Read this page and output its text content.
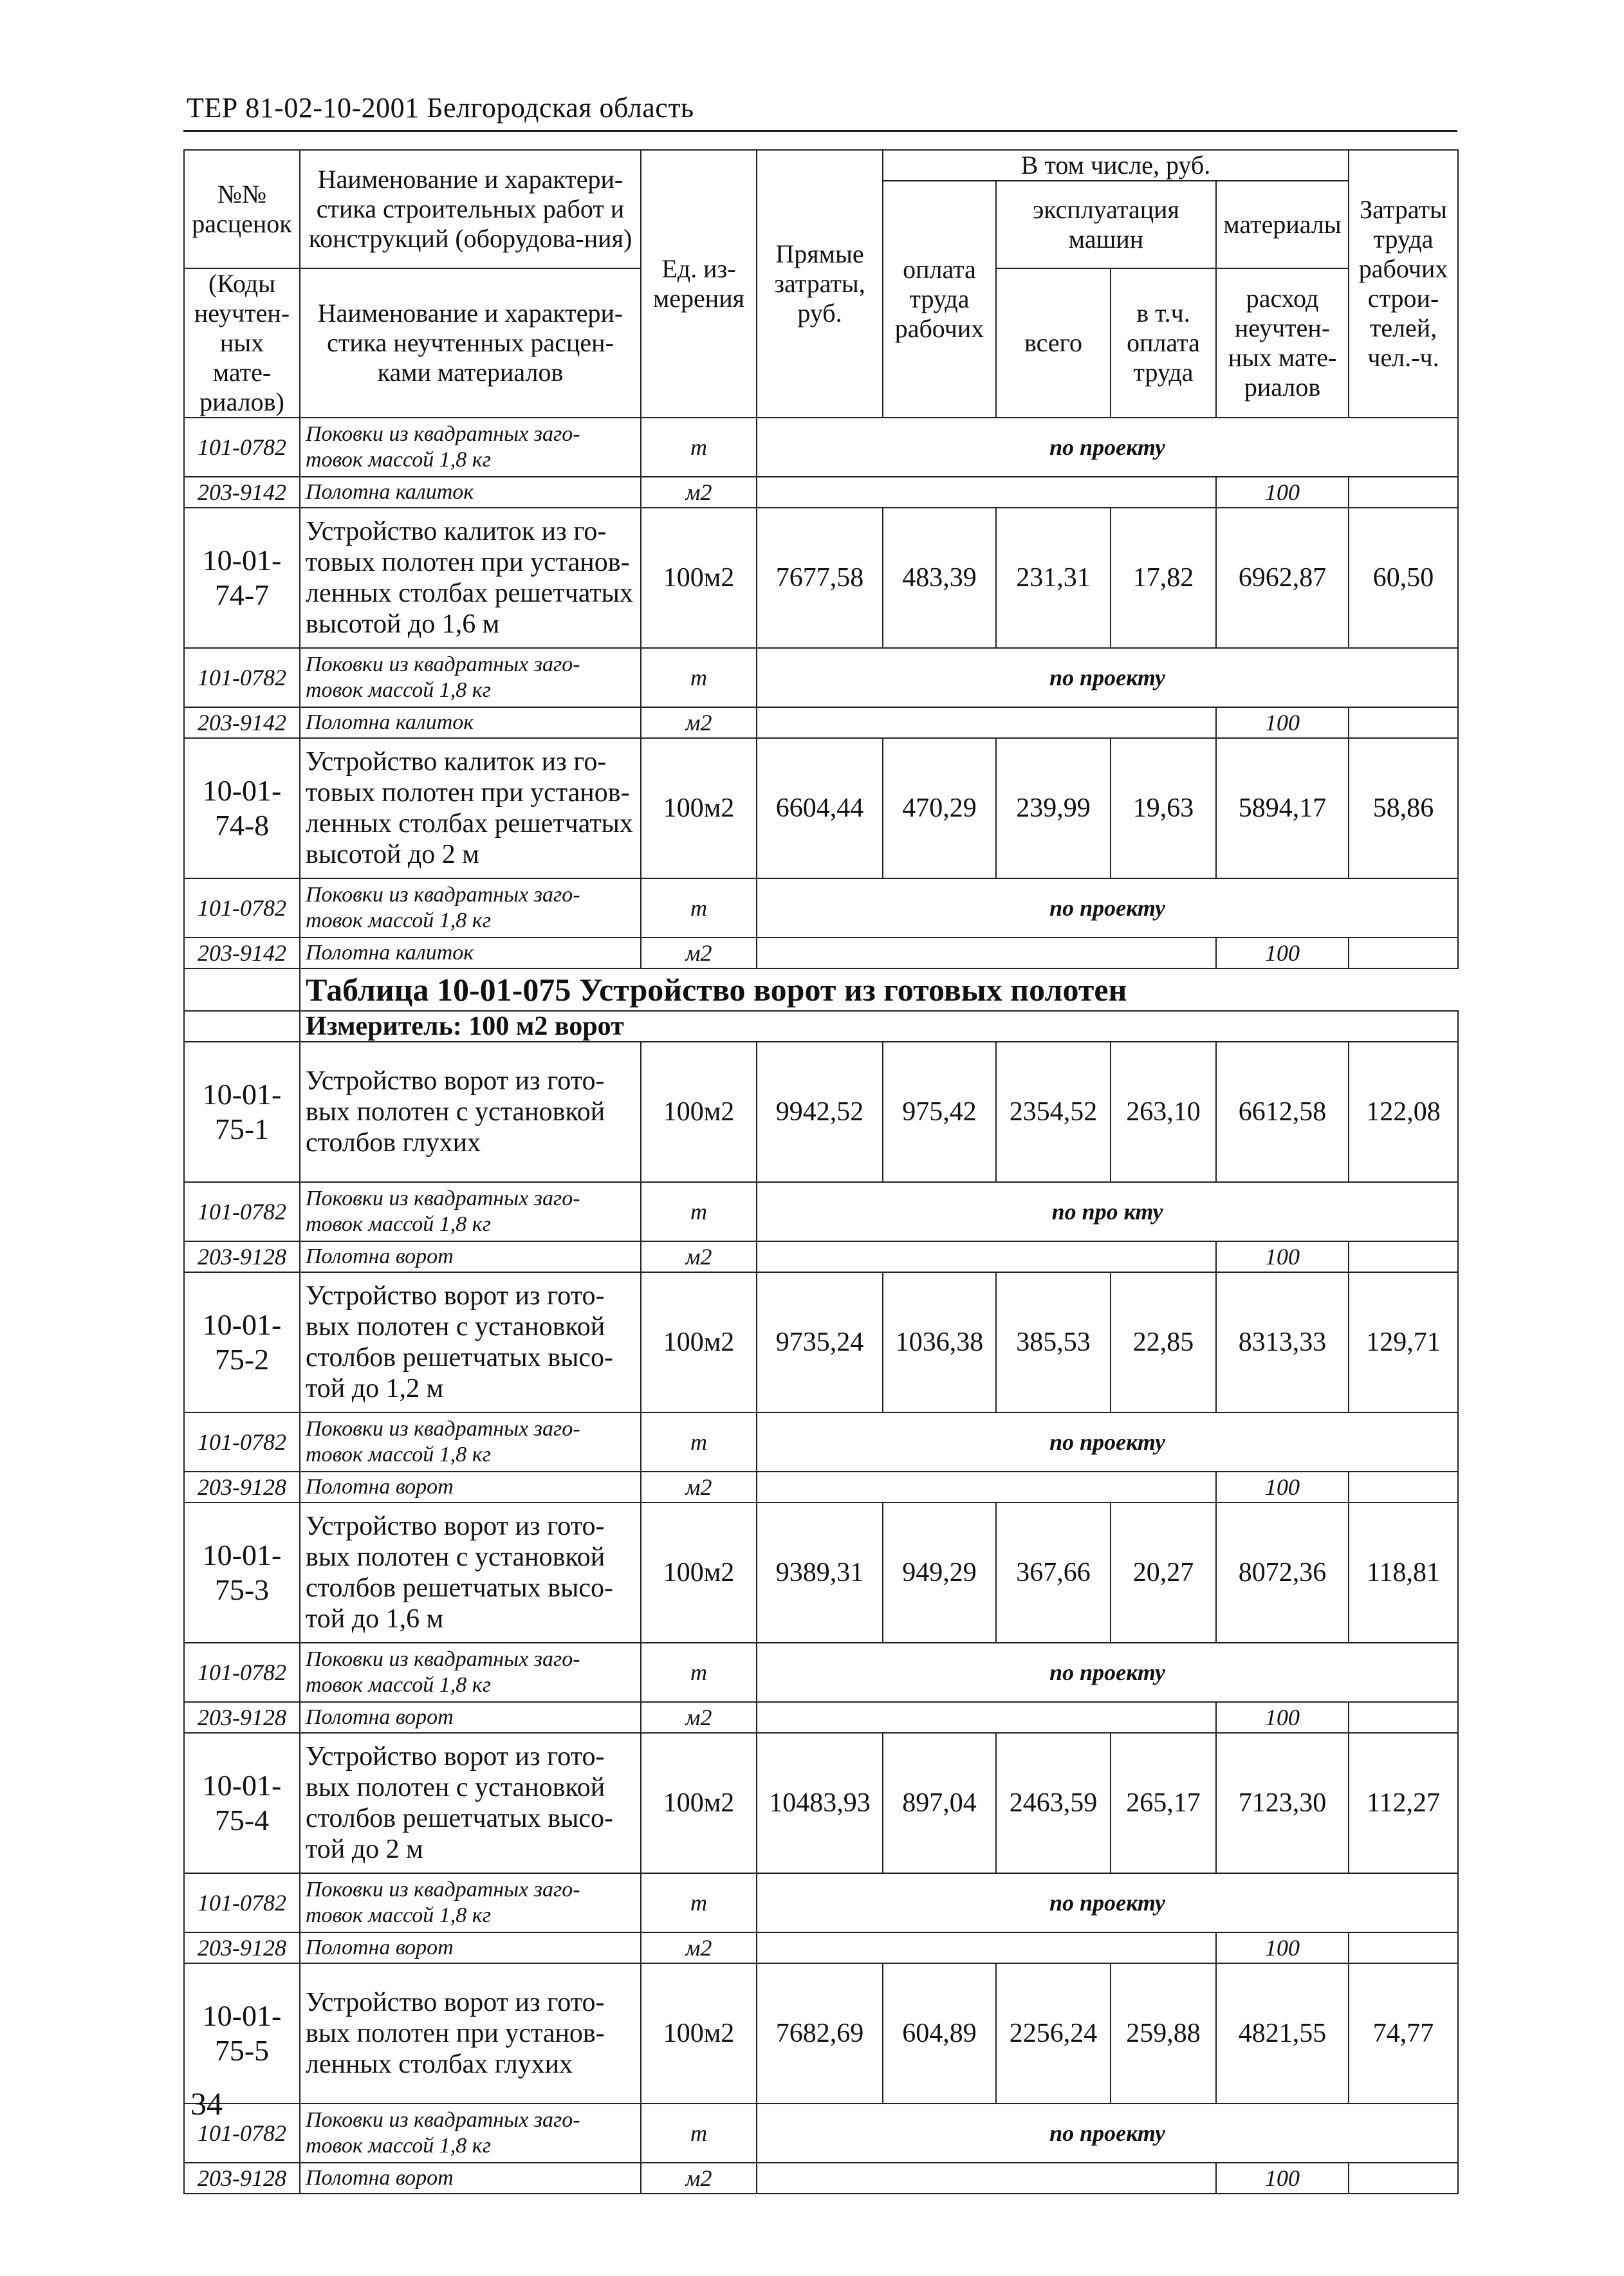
ТЕР 81-02-10-2001 Белгородская область
№№ расценок	Наименование и характери-стика строительных работ и конструкций (оборудова-ния)	Ед. из-мерения	Прямые затраты, руб.	В том числе, руб.				Затраты труда рабочих строи-телей, чел.-ч.
				оплата труда рабочих	эксплуатация машин		материалы	
(Коды неучтен-ных мате-риалов)	Наименование и характери-стика неучтенных расцен-ками материалов				всего	в т.ч. оплата труда	расход неучтен-ных мате-риалов	

101-0782	Поковки из квадратных заго-товок массой 1,8 кг	т	по проекту					
203-9142	Полотна калиток	м2					100	
10-01-74-7	Устройство калиток из го-товых полотен при установ-ленных столбах решетчатых высотой до 1,6 м	100м2	7677,58	483,39	231,31	17,82	6962,87	60,50
101-0782	Поковки из квадратных заго-товок массой 1,8 кг	т	по проекту					
203-9142	Полотна калиток	м2					100	
10-01-74-8	Устройство калиток из го-товых полотен при установ-ленных столбах решетчатых высотой до 2 м	100м2	6604,44	470,29	239,99	19,63	5894,17	58,86
101-0782	Поковки из квадратных заго-товок массой 1,8 кг	т	по проекту					
203-9142	Полотна калиток	м2					100	
	Таблица 10-01-075 Устройство ворот из готовых полотен							
	Измеритель: 100 м2 ворот							
10-01-75-1	Устройство ворот из гото-вых полотен с установкой столбов глухих	100м2	9942,52	975,42	2354,52	263,10	6612,58	122,08
101-0782	Поковки из квадратных заго-товок массой 1,8 кг	т	по про кту					
203-9128	Полотна ворот	м2					100	
10-01-75-2	Устройство ворот из гото-вых полотен с установкой столбов решетчатых высо-той до 1,2 м	100м2	9735,24	1036,38	385,53	22,85	8313,33	129,71
101-0782	Поковки из квадратных заго-товок массой 1,8 кг	т	по проекту					
203-9128	Полотна ворот	м2					100	
10-01-75-3	Устройство ворот из гото-вых полотен с установкой столбов решетчатых высо-той до 1,6 м	100м2	9389,31	949,29	367,66	20,27	8072,36	118,81
101-0782	Поковки из квадратных заго-товок массой 1,8 кг	т	по проекту					
203-9128	Полотна ворот	м2					100	
10-01-75-4	Устройство ворот из гото-вых полотен с установкой столбов решетчатых высо-той до 2 м	100м2	10483,93	897,04	2463,59	265,17	7123,30	112,27
101-0782	Поковки из квадратных заго-товок массой 1,8 кг	т	по проекту					
203-9128	Полотна ворот	м2					100	
10-01-75-5	Устройство ворот из гото-вых полотен при установ-ленных столбах глухих	100м2	7682,69	604,89	2256,24	259,88	4821,55	74,77
101-0782	Поковки из квадратных заго-товок массой 1,8 кг	т	по проекту					
203-9128	Полотна ворот	м2					100	
34
